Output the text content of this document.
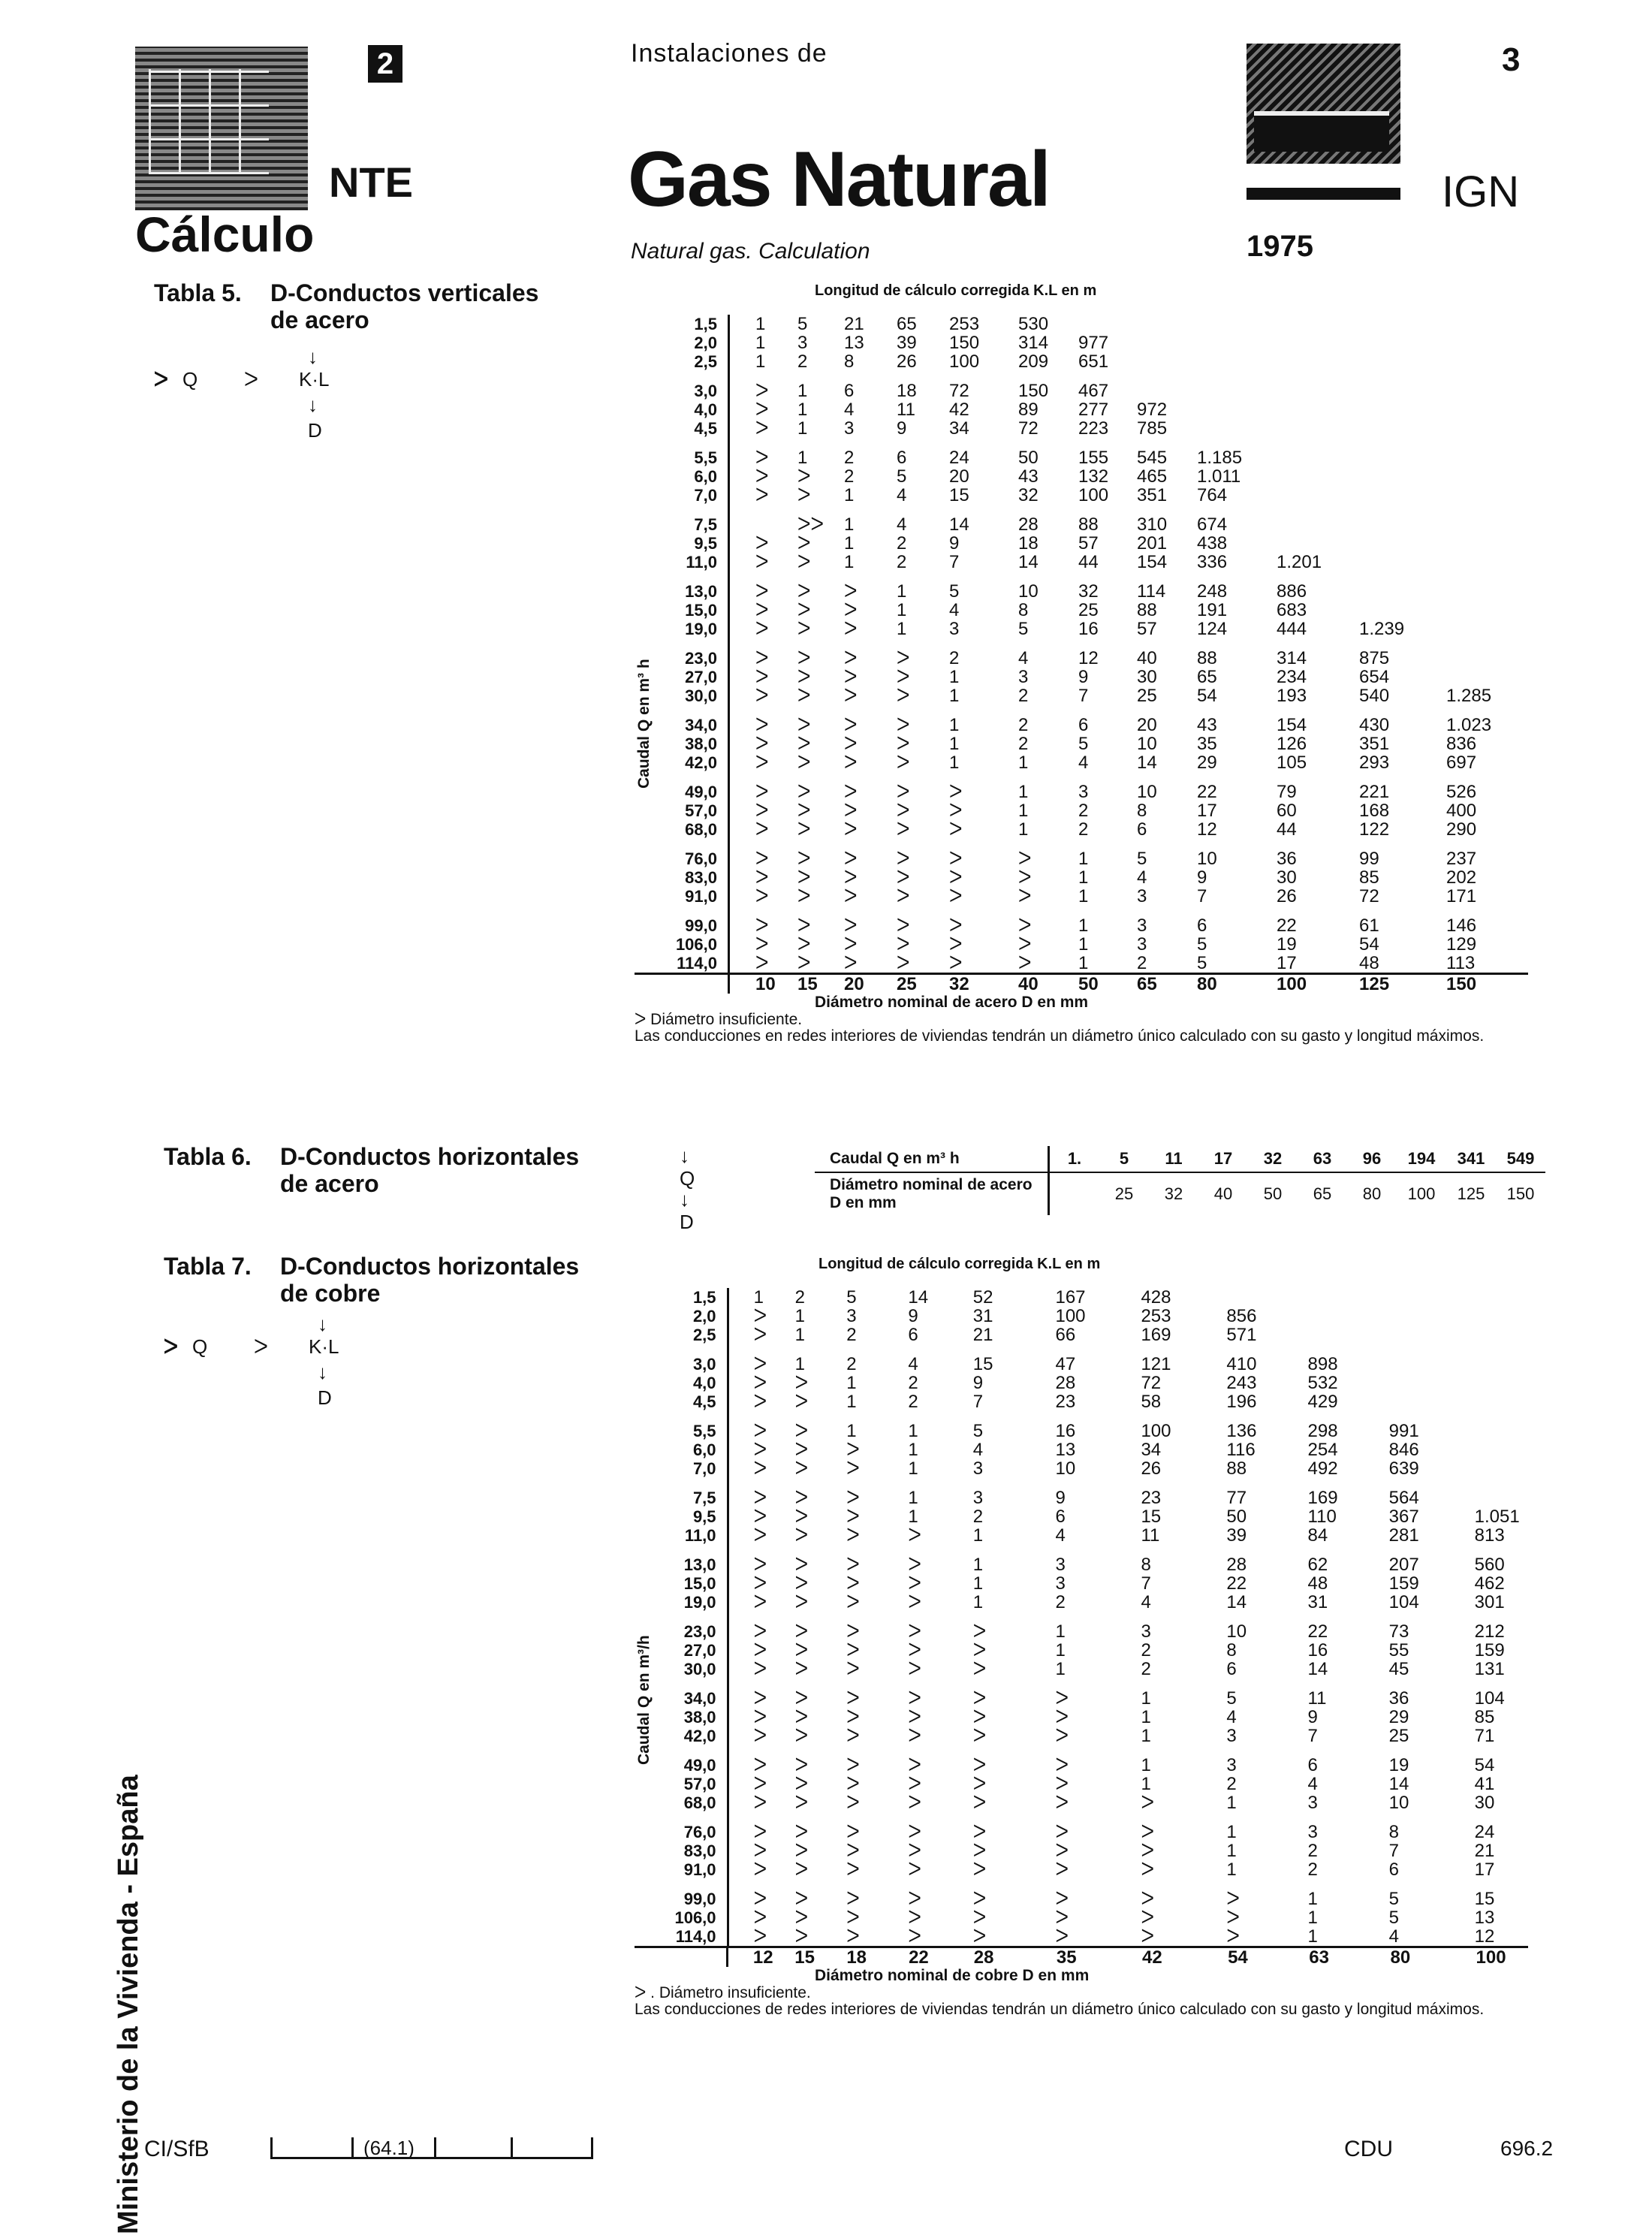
2
NTE
Cálculo
Instalaciones de
Gas Natural
Natural gas. Calculation
3
IGN
1975
Tabla 5. D-Conductos verticales de acero
↓
ᐳ Q ᐳ K·L
↓
D
Longitud de cálculo corregida K.L en m
1,5		1	5	21	65	253	530						
2,0		1	3	13	39	150	314	977					
2,5		1	2	8	26	100	209	651					

3,0		ᐳ	1	6	18	72	150	467					
4,0		ᐳ	1	4	11	42	89	277	972				
4,5		ᐳ	1	3	9	34	72	223	785				

5,5		ᐳ	1	2	6	24	50	155	545	1.185			
6,0		ᐳ	ᐳ	2	5	20	43	132	465	1.011			
7,0		ᐳ	ᐳ	1	4	15	32	100	351	764			

7,5			ᐳᐳ	1	4	14	28	88	310	674			
9,5		ᐳ	ᐳ	1	2	9	18	57	201	438			
11,0		ᐳ	ᐳ	1	2	7	14	44	154	336	1.201		

13,0		ᐳ	ᐳ	ᐳ	1	5	10	32	114	248	886		
15,0		ᐳ	ᐳ	ᐳ	1	4	8	25	88	191	683		
19,0		ᐳ	ᐳ	ᐳ	1	3	5	16	57	124	444	1.239	

23,0		ᐳ	ᐳ	ᐳ	ᐳ	2	4	12	40	88	314	875	
27,0		ᐳ	ᐳ	ᐳ	ᐳ	1	3	9	30	65	234	654	
30,0		ᐳ	ᐳ	ᐳ	ᐳ	1	2	7	25	54	193	540	1.285

34,0		ᐳ	ᐳ	ᐳ	ᐳ	1	2	6	20	43	154	430	1.023
38,0		ᐳ	ᐳ	ᐳ	ᐳ	1	2	5	10	35	126	351	836
42,0		ᐳ	ᐳ	ᐳ	ᐳ	1	1	4	14	29	105	293	697

49,0		ᐳ	ᐳ	ᐳ	ᐳ	ᐳ	1	3	10	22	79	221	526
57,0		ᐳ	ᐳ	ᐳ	ᐳ	ᐳ	1	2	8	17	60	168	400
68,0		ᐳ	ᐳ	ᐳ	ᐳ	ᐳ	1	2	6	12	44	122	290

76,0		ᐳ	ᐳ	ᐳ	ᐳ	ᐳ	ᐳ	1	5	10	36	99	237
83,0		ᐳ	ᐳ	ᐳ	ᐳ	ᐳ	ᐳ	1	4	9	30	85	202
91,0		ᐳ	ᐳ	ᐳ	ᐳ	ᐳ	ᐳ	1	3	7	26	72	171

99,0		ᐳ	ᐳ	ᐳ	ᐳ	ᐳ	ᐳ	1	3	6	22	61	146
106,0		ᐳ	ᐳ	ᐳ	ᐳ	ᐳ	ᐳ	1	3	5	19	54	129
114,0		ᐳ	ᐳ	ᐳ	ᐳ	ᐳ	ᐳ	1	2	5	17	48	113
		10	15	20	25	32	40	50	65	80	100	125	150
Diámetro nominal de acero D en mm
ᐳ Diámetro insuficiente.
Las conducciones en redes interiores de viviendas tendrán un diámetro único calculado con su gasto y longitud máximos.
Caudal Q en m³ h
Tabla 6. D-Conductos horizontales de acero
↓
Q
↓
D
Caudal Q en m³ h	1.	5	11	17	32	63	96	194	341	549
Diámetro nominal de acero D en mm		25	32	40	50	65	80	100	125	150
Tabla 7. D-Conductos horizontales de cobre
↓
ᐳ Q ᐳ K·L
↓
D
Longitud de cálculo corregida K.L en m
1,5		1	2	5	14	52	167	428				
2,0		ᐳ	1	3	9	31	100	253	856			
2,5		ᐳ	1	2	6	21	66	169	571			

3,0		ᐳ	1	2	4	15	47	121	410	898		
4,0		ᐳ	ᐳ	1	2	9	28	72	243	532		
4,5		ᐳ	ᐳ	1	2	7	23	58	196	429		

5,5		ᐳ	ᐳ	1	1	5	16	100	136	298	991	
6,0		ᐳ	ᐳ	ᐳ	1	4	13	34	116	254	846	
7,0		ᐳ	ᐳ	ᐳ	1	3	10	26	88	492	639	

7,5		ᐳ	ᐳ	ᐳ	1	3	9	23	77	169	564	
9,5		ᐳ	ᐳ	ᐳ	1	2	6	15	50	110	367	1.051
11,0		ᐳ	ᐳ	ᐳ	ᐳ	1	4	11	39	84	281	813

13,0		ᐳ	ᐳ	ᐳ	ᐳ	1	3	8	28	62	207	560
15,0		ᐳ	ᐳ	ᐳ	ᐳ	1	3	7	22	48	159	462
19,0		ᐳ	ᐳ	ᐳ	ᐳ	1	2	4	14	31	104	301

23,0		ᐳ	ᐳ	ᐳ	ᐳ	ᐳ	1	3	10	22	73	212
27,0		ᐳ	ᐳ	ᐳ	ᐳ	ᐳ	1	2	8	16	55	159
30,0		ᐳ	ᐳ	ᐳ	ᐳ	ᐳ	1	2	6	14	45	131

34,0		ᐳ	ᐳ	ᐳ	ᐳ	ᐳ	ᐳ	1	5	11	36	104
38,0		ᐳ	ᐳ	ᐳ	ᐳ	ᐳ	ᐳ	1	4	9	29	85
42,0		ᐳ	ᐳ	ᐳ	ᐳ	ᐳ	ᐳ	1	3	7	25	71

49,0		ᐳ	ᐳ	ᐳ	ᐳ	ᐳ	ᐳ	1	3	6	19	54
57,0		ᐳ	ᐳ	ᐳ	ᐳ	ᐳ	ᐳ	1	2	4	14	41
68,0		ᐳ	ᐳ	ᐳ	ᐳ	ᐳ	ᐳ	ᐳ	1	3	10	30

76,0		ᐳ	ᐳ	ᐳ	ᐳ	ᐳ	ᐳ	ᐳ	1	3	8	24
83,0		ᐳ	ᐳ	ᐳ	ᐳ	ᐳ	ᐳ	ᐳ	1	2	7	21
91,0		ᐳ	ᐳ	ᐳ	ᐳ	ᐳ	ᐳ	ᐳ	1	2	6	17

99,0		ᐳ	ᐳ	ᐳ	ᐳ	ᐳ	ᐳ	ᐳ	ᐳ	1	5	15
106,0		ᐳ	ᐳ	ᐳ	ᐳ	ᐳ	ᐳ	ᐳ	ᐳ	1	5	13
114,0		ᐳ	ᐳ	ᐳ	ᐳ	ᐳ	ᐳ	ᐳ	ᐳ	1	4	12
		12	15	18	22	28	35	42	54	63	80	100
Diámetro nominal de cobre D en mm
ᐳ . Diámetro insuficiente.
Las conducciones de redes interiores de viviendas tendrán un diámetro único calculado con su gasto y longitud máximos.
Caudal Q en m³/h
Ministerio de la Vivienda - España CI/SfB	(64.1)	CDU	696.2
